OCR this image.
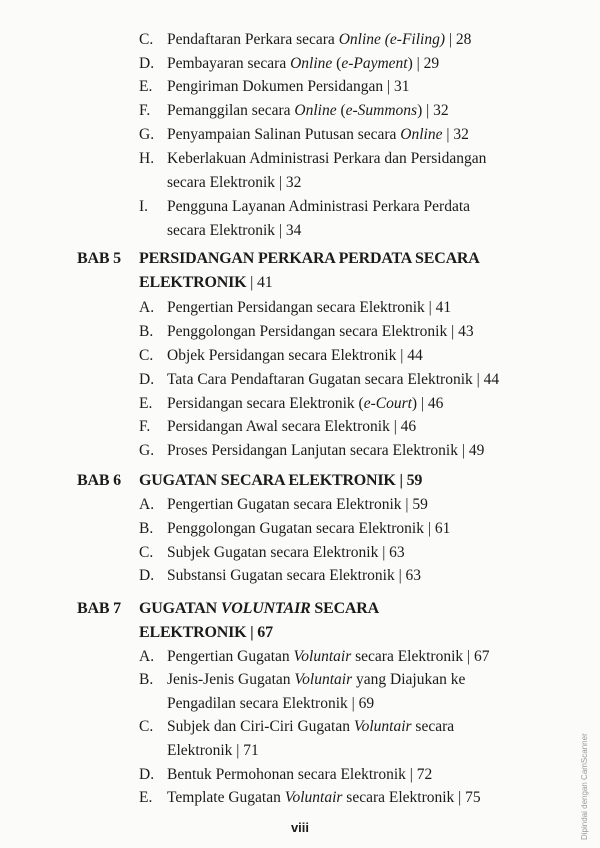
C. Pendaftaran Perkara secara Online (e-Filing) | 28
D. Pembayaran secara Online (e-Payment) | 29
E. Pengiriman Dokumen Persidangan | 31
F. Pemanggilan secara Online (e-Summons) | 32
G. Penyampaian Salinan Putusan secara Online | 32
H. Keberlakuan Administrasi Perkara dan Persidangan
secara Elektronik | 32
I. Pengguna Layanan Administrasi Perkara Perdata
secara Elektronik | 34
BAB 5 PERSIDANGAN PERKARA PERDATA SECARA
ELEKTRONIK | 41
A. Pengertian Persidangan secara Elektronik | 41
B. Penggolongan Persidangan secara Elektronik | 43
C. Objek Persidangan secara Elektronik | 44
D. Tata Cara Pendaftaran Gugatan secara Elektronik | 44
E. Persidangan secara Elektronik (e-Court) | 46
F. Persidangan Awal secara Elektronik | 46
G. Proses Persidangan Lanjutan secara Elektronik | 49
BAB 6 GUGATAN SECARA ELEKTRONIK | 59
A. Pengertian Gugatan secara Elektronik | 59
B. Penggolongan Gugatan secara Elektronik | 61
C. Subjek Gugatan secara Elektronik | 63
D. Substansi Gugatan secara Elektronik | 63
BAB 7 GUGATAN VOLUNTAIR SECARA
ELEKTRONIK | 67
A. Pengertian Gugatan Voluntair secara Elektronik | 67
B. Jenis-Jenis Gugatan Voluntair yang Diajukan ke
Pengadilan secara Elektronik | 69
C. Subjek dan Ciri-Ciri Gugatan Voluntair secara
Elektronik | 71
D. Bentuk Permohonan secara Elektronik | 72
E. Template Gugatan Voluntair secara Elektronik | 75
viii	Dipindai dengan CamScanner
